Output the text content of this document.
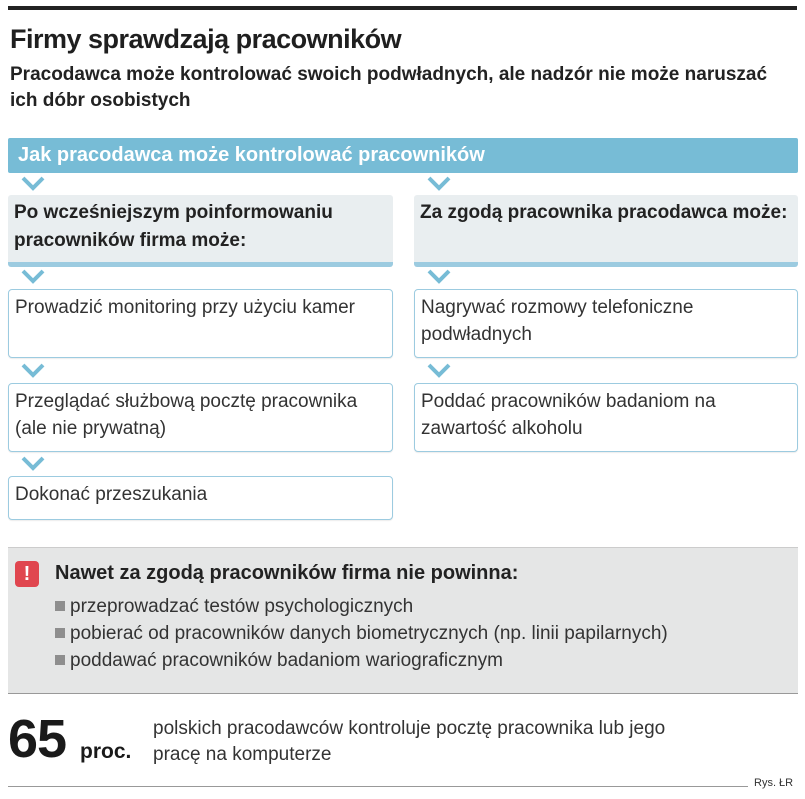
Firmy sprawdzają pracowników
Pracodawca może kontrolować swoich podwładnych, ale nadzór nie może naruszać ich dóbr osobistych
Jak pracodawca może kontrolować pracowników
Po wcześniejszym poinformowaniu pracowników firma może:
Prowadzić monitoring przy użyciu kamer
Przeglądać służbową pocztę pracownika (ale nie prywatną)
Dokonać przeszukania
Za zgodą pracownika pracodawca może:
Nagrywać rozmowy telefoniczne podwładnych
Poddać pracowników badaniom na zawartość alkoholu
!	Nawet za zgodą pracowników firma nie powinna:
przeprowadzać testów psychologicznych
pobierać od pracowników danych biometrycznych (np. linii papilarnych)
poddawać pracowników badaniom wariograficznym
65 proc.
polskich pracodawców kontroluje pocztę pracownika lub jego pracę na komputerze
Rys. ŁR
